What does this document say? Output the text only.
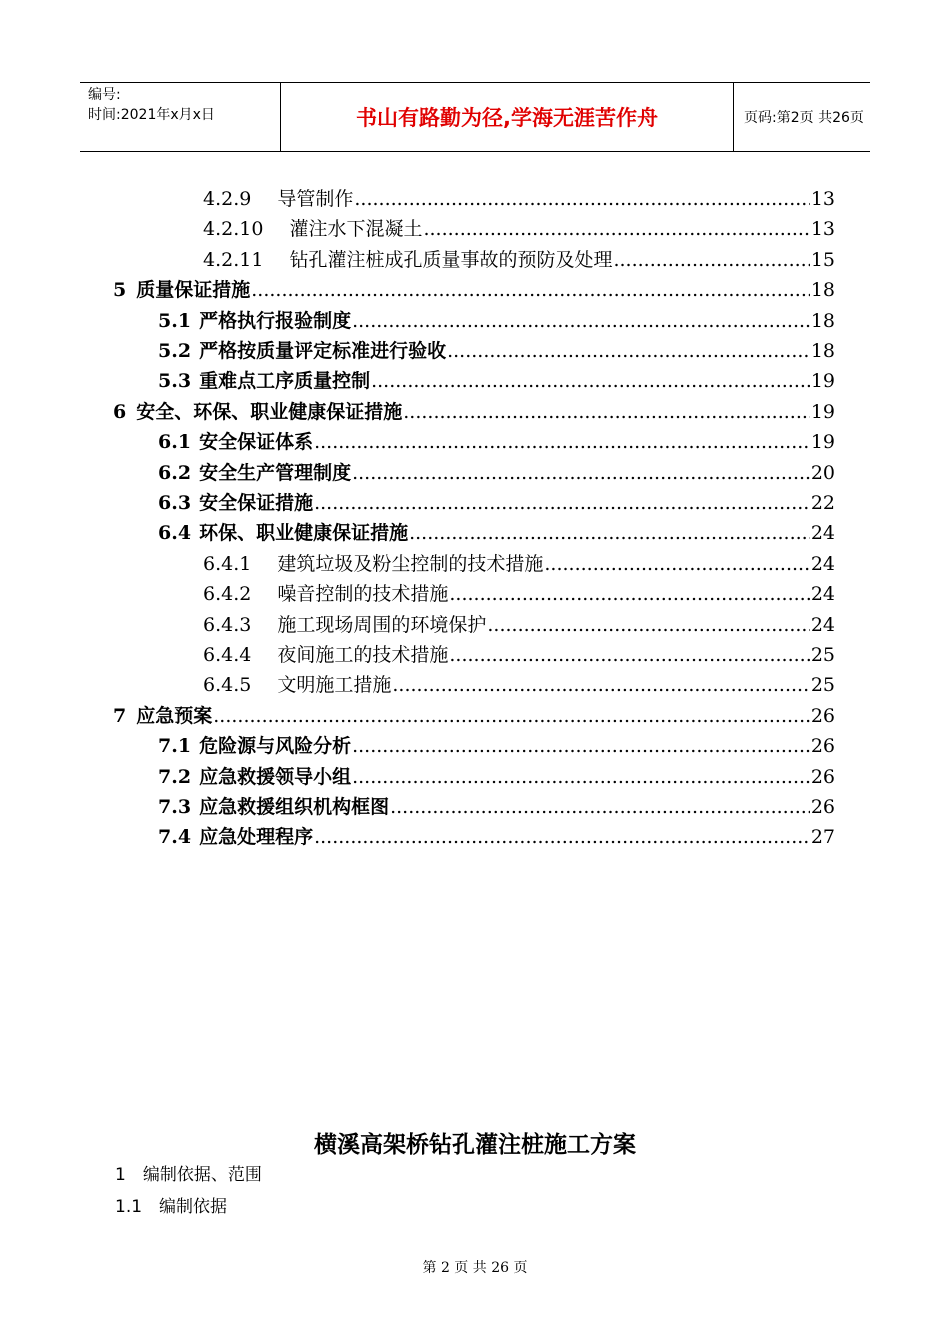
编号:
时间:2021年x月x日	书山有路勤为径,学海无涯苦作舟	页码:第2页 共26页
4.2.9 导管制作 .....	13
4.2.10 灌注水下混凝土 .....	13
4.2.11 钻孔灌注桩成孔质量事故的预防及处理 .....	15
5 质量保证措施 .....	18
5.1 严格执行报验制度 .....	18
5.2 严格按质量评定标准进行验收 .....	18
5.3 重难点工序质量控制 .....	19
6 安全、环保、职业健康保证措施 .....	19
6.1 安全保证体系 .....	19
6.2 安全生产管理制度 .....	20
6.3 安全保证措施 .....	22
6.4 环保、职业健康保证措施 .....	24
6.4.1 建筑垃圾及粉尘控制的技术措施 .....	24
6.4.2 噪音控制的技术措施 .....	24
6.4.3 施工现场周围的环境保护 .....	24
6.4.4 夜间施工的技术措施 .....	25
6.4.5 文明施工措施 .....	25
7 应急预案 .....	26
7.1 危险源与风险分析 .....	26
7.2 应急救援领导小组 .....	26
7.3 应急救援组织机构框图 .....	26
7.4 应急处理程序 .....	27
横溪高架桥钻孔灌注桩施工方案
1　编制依据、范围
1.1　编制依据
第 2 页 共 26 页
